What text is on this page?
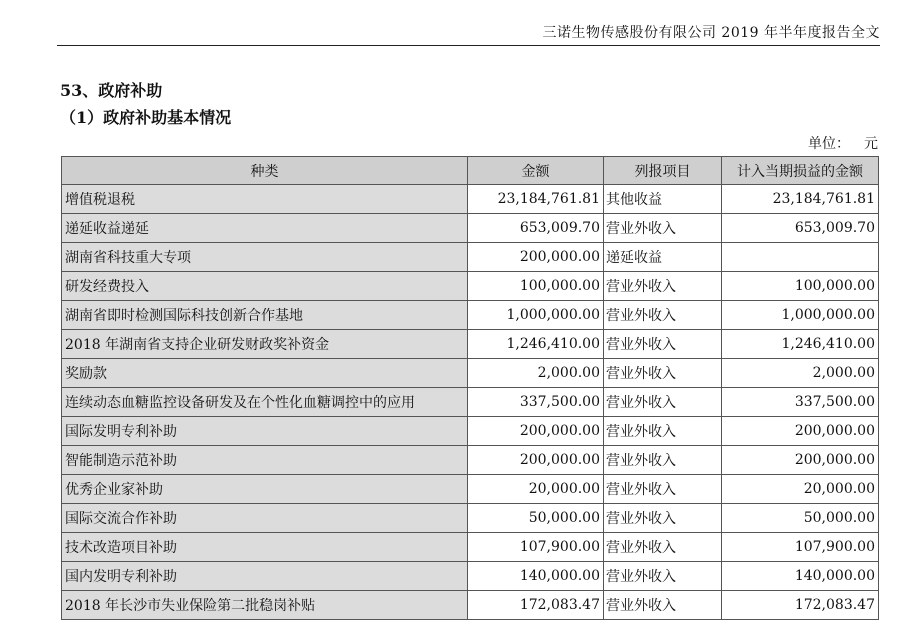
三诺生物传感股份有限公司 2019 年半年度报告全文
53、政府补助
（1）政府补助基本情况
单位： 元
种类	金额	列报项目	计入当期损益的金额
增值税退税	23,184,761.81	其他收益	23,184,761.81
递延收益递延	653,009.70	营业外收入	653,009.70
湖南省科技重大专项	200,000.00	递延收益	
研发经费投入	100,000.00	营业外收入	100,000.00
湖南省即时检测国际科技创新合作基地	1,000,000.00	营业外收入	1,000,000.00
2018 年湖南省支持企业研发财政奖补资金	1,246,410.00	营业外收入	1,246,410.00
奖励款	2,000.00	营业外收入	2,000.00
连续动态血糖监控设备研发及在个性化血糖调控中的应用	337,500.00	营业外收入	337,500.00
国际发明专利补助	200,000.00	营业外收入	200,000.00
智能制造示范补助	200,000.00	营业外收入	200,000.00
优秀企业家补助	20,000.00	营业外收入	20,000.00
国际交流合作补助	50,000.00	营业外收入	50,000.00
技术改造项目补助	107,900.00	营业外收入	107,900.00
国内发明专利补助	140,000.00	营业外收入	140,000.00
2018 年长沙市失业保险第二批稳岗补贴	172,083.47	营业外收入	172,083.47
